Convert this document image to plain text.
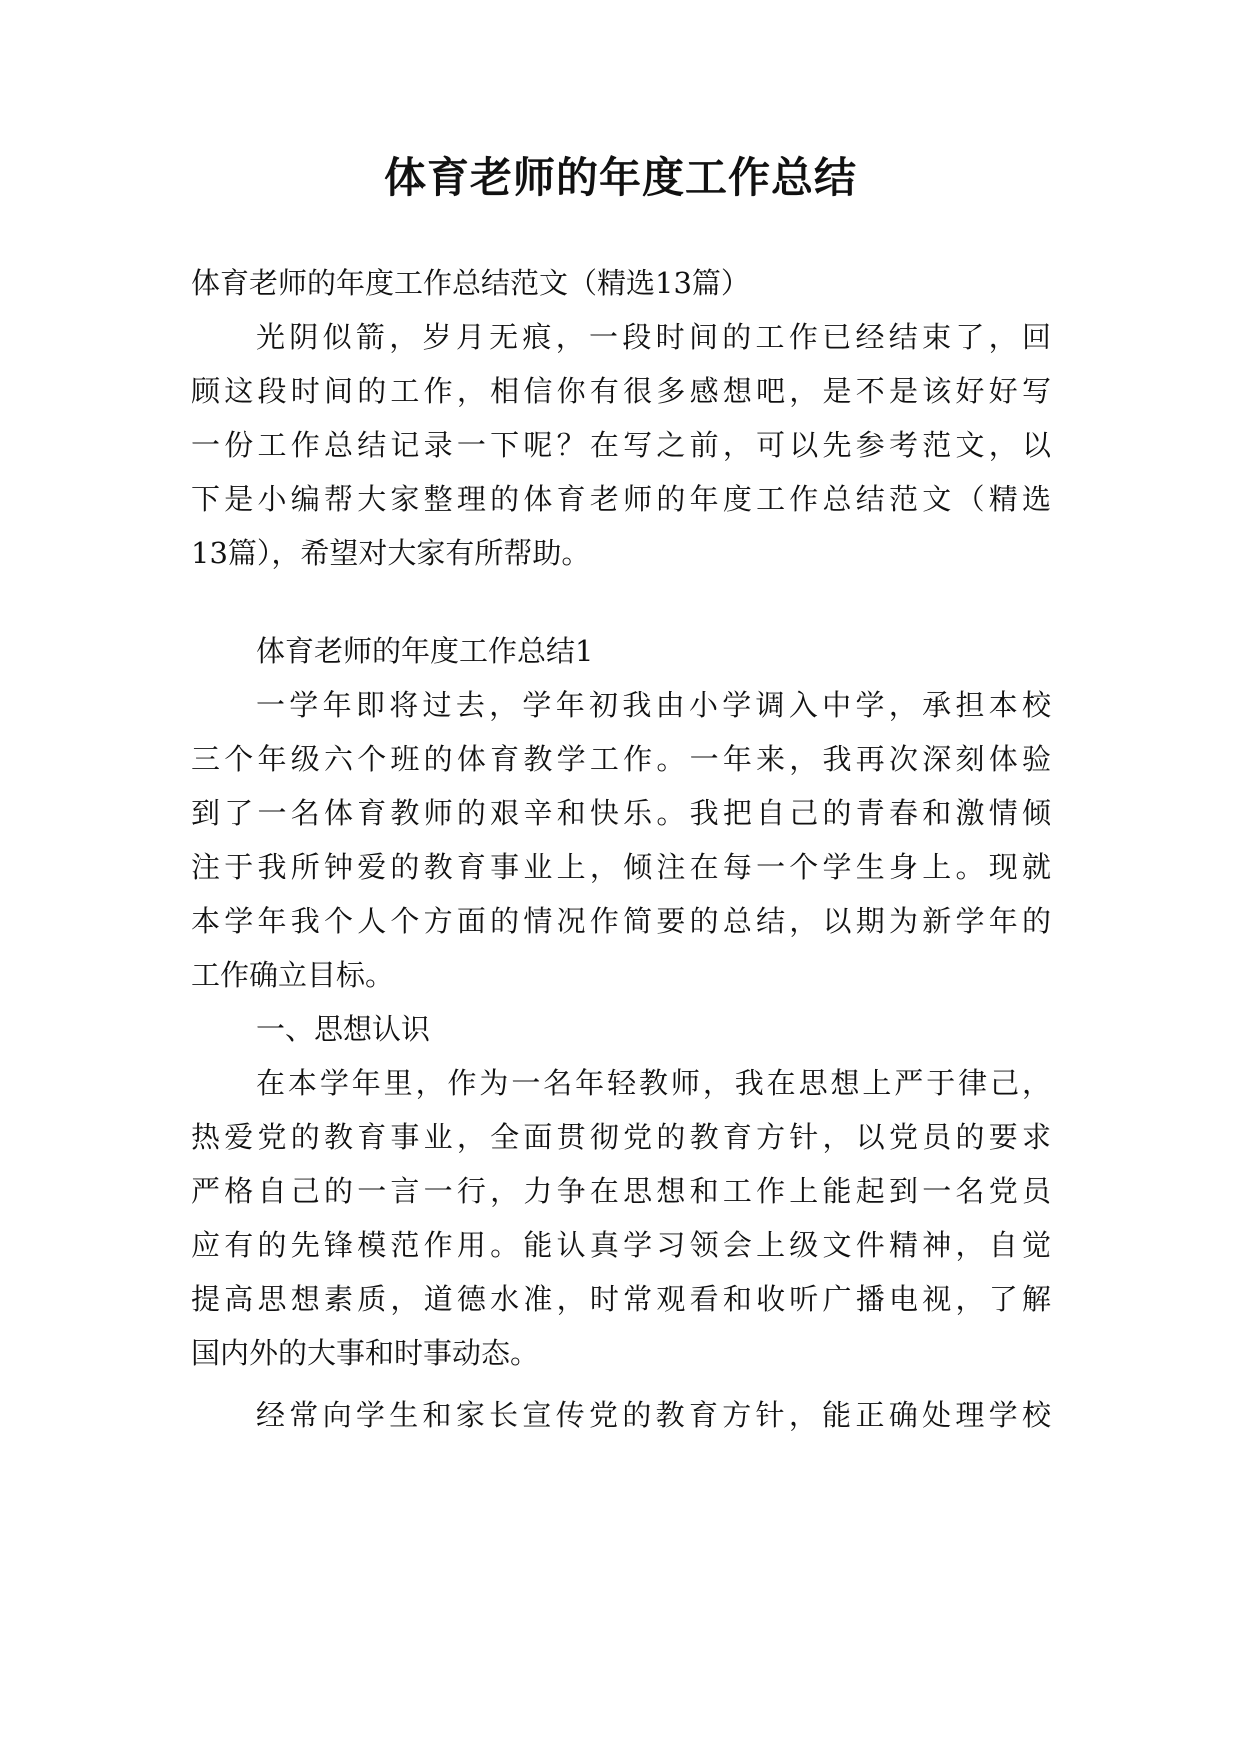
体育老师的年度工作总结
体育老师的年度工作总结范文（精选13篇）
光阴似箭，岁月无痕，一段时间的工作已经结束了，回
顾这段时间的工作，相信你有很多感想吧，是不是该好好写
一份工作总结记录一下呢？在写之前，可以先参考范文，以
下是小编帮大家整理的体育老师的年度工作总结范文（精选
13篇），希望对大家有所帮助。
体育老师的年度工作总结1
一学年即将过去，学年初我由小学调入中学，承担本校
三个年级六个班的体育教学工作。一年来，我再次深刻体验
到了一名体育教师的艰辛和快乐。我把自己的青春和激情倾
注于我所钟爱的教育事业上，倾注在每一个学生身上。现就
本学年我个人个方面的情况作简要的总结，以期为新学年的
工作确立目标。
一、思想认识
在本学年里，作为一名年轻教师，我在思想上严于律己，
热爱党的教育事业，全面贯彻党的教育方针，以党员的要求
严格自己的一言一行，力争在思想和工作上能起到一名党员
应有的先锋模范作用。能认真学习领会上级文件精神，自觉
提高思想素质，道德水准，时常观看和收听广播电视，了解
国内外的大事和时事动态。
经常向学生和家长宣传党的教育方针，能正确处理学校
